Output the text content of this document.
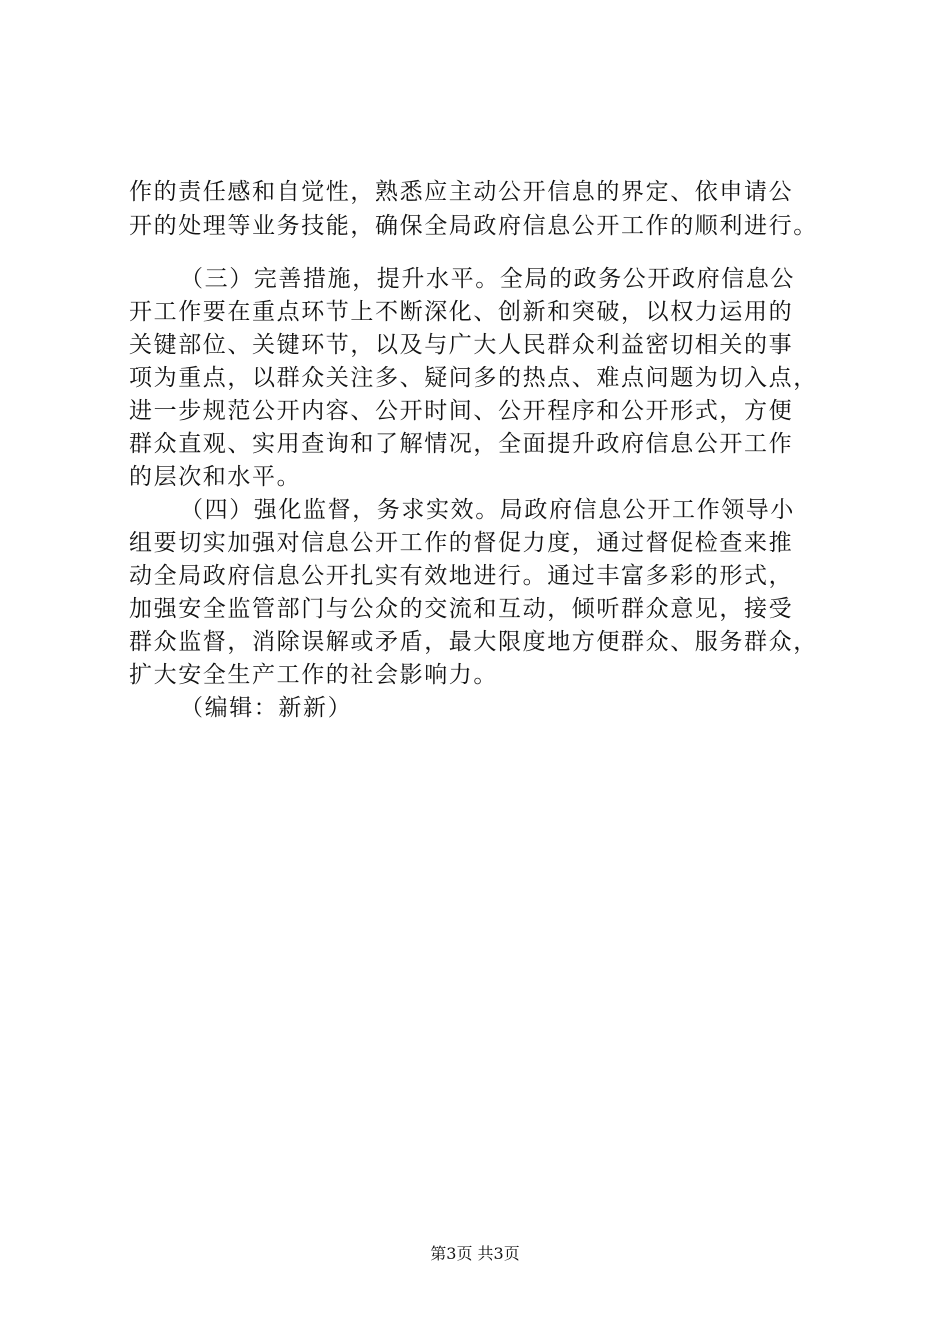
作的责任感和自觉性，熟悉应主动公开信息的界定、依申请公
开的处理等业务技能，确保全局政府信息公开工作的顺利进行。
（三）完善措施，提升水平。全局的政务公开政府信息公
开工作要在重点环节上不断深化、创新和突破，以权力运用的
关键部位、关键环节，以及与广大人民群众利益密切相关的事
项为重点，以群众关注多、疑问多的热点、难点问题为切入点，
进一步规范公开内容、公开时间、公开程序和公开形式，方便
群众直观、实用查询和了解情况，全面提升政府信息公开工作
的层次和水平。
（四）强化监督，务求实效。局政府信息公开工作领导小
组要切实加强对信息公开工作的督促力度，通过督促检查来推
动全局政府信息公开扎实有效地进行。通过丰富多彩的形式，
加强安全监管部门与公众的交流和互动，倾听群众意见，接受
群众监督，消除误解或矛盾，最大限度地方便群众、服务群众，
扩大安全生产工作的社会影响力。
（编辑：新新）
第3页 共3页
